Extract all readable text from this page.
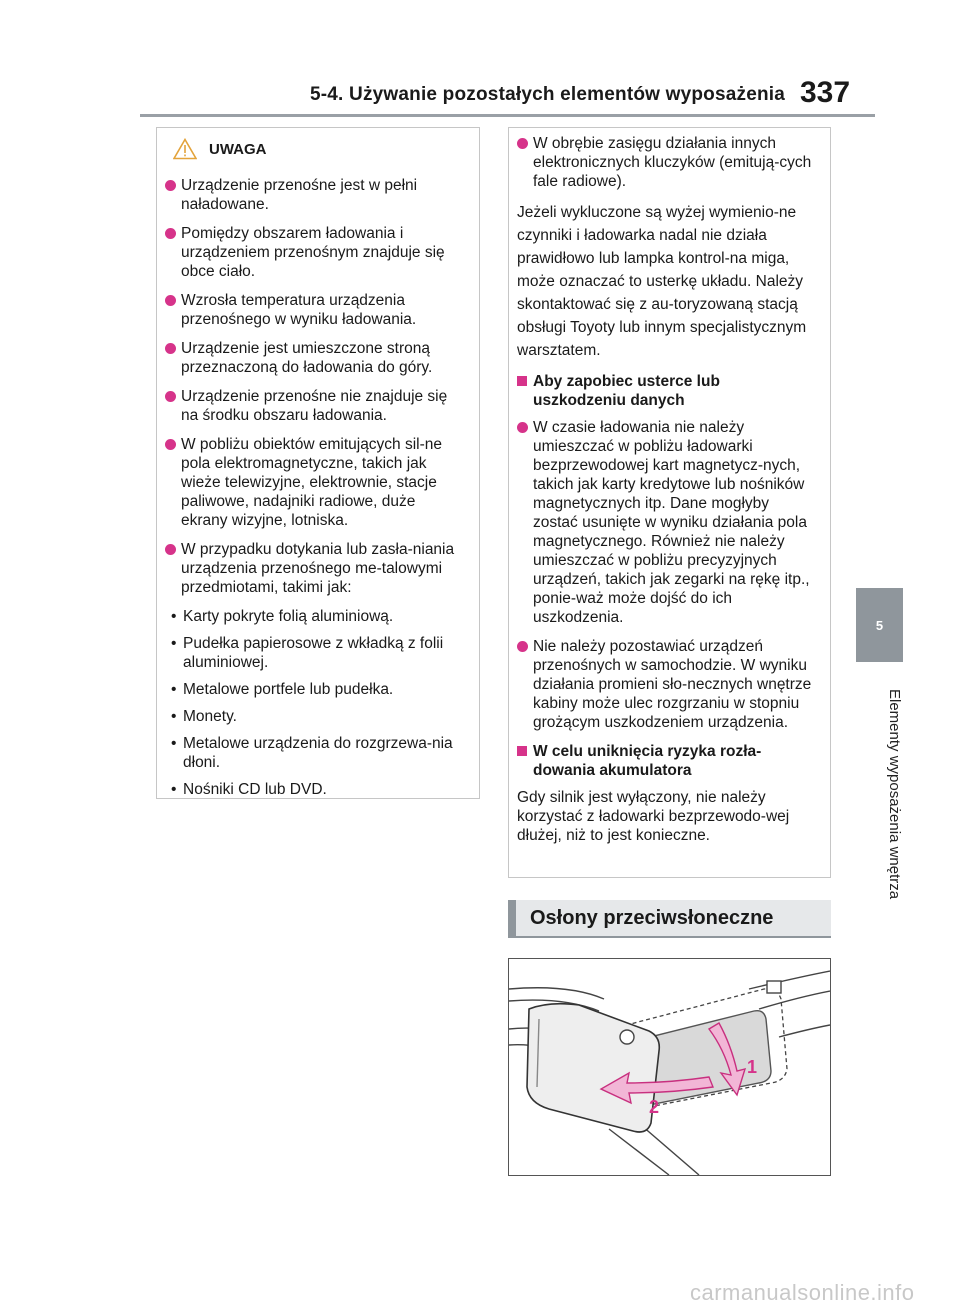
5-4. Używanie pozostałych elementów wyposażenia 337
5
Elementy wyposażenia wnętrza
UWAGA
Urządzenie przenośne jest w pełni naładowane.
Pomiędzy obszarem ładowania i urządzeniem przenośnym znajduje się obce ciało.
Wzrosła temperatura urządzenia przenośnego w wyniku ładowania.
Urządzenie jest umieszczone stroną przeznaczoną do ładowania do góry.
Urządzenie przenośne nie znajduje się na środku obszaru ładowania.
W pobliżu obiektów emitujących sil-ne pola elektromagnetyczne, takich jak wieże telewizyjne, elektrownie, stacje paliwowe, nadajniki radiowe, duże ekrany wizyjne, lotniska.
W przypadku dotykania lub zasła-niania urządzenia przenośnego me-talowymi przedmiotami, takimi jak:
• Karty pokryte folią aluminiową.
• Pudełka papierosowe z wkładką z folii aluminiowej.
• Metalowe portfele lub pudełka.
• Monety.
• Metalowe urządzenia do rozgrzewa-nia dłoni.
• Nośniki CD lub DVD.
W obrębie zasięgu działania innych elektronicznych kluczyków (emitują-cych fale radiowe).

Jeżeli wykluczone są wyżej wymienio-ne czynniki i ładowarka nadal nie działa prawidłowo lub lampka kontrol-na miga, może oznaczać to usterkę układu. Należy skontaktować się z au-toryzowaną stacją obsługi Toyoty lub innym specjalistycznym warsztatem.

Aby zapobiec usterce lub uszkodzeniu danych
W czasie ładowania nie należy umieszczać w pobliżu ładowarki bezprzewodowej kart magnetycz-nych, takich jak karty kredytowe lub nośników magnetycznych itp. Dane mogłyby zostać usunięte w wyniku działania pola magnetycznego. Również nie należy umieszczać w pobliżu precyzyjnych urządzeń, takich jak zegarki na rękę itp., ponie-waż może dojść do ich uszkodzenia.
Nie należy pozostawiać urządzeń przenośnych w samochodzie. W wyniku działania promieni sło-necznych wnętrze kabiny może ulec rozgrzaniu w stopniu grożącym uszkodzeniem urządzenia.
W celu uniknięcia ryzyka rozła-dowania akumulatora

Gdy silnik jest wyłączony, nie należy korzystać z ładowarki bezprzewodo-wej dłużej, niż to jest konieczne.

Osłony przeciwsłoneczne
1
2
carmanualsonline.info
